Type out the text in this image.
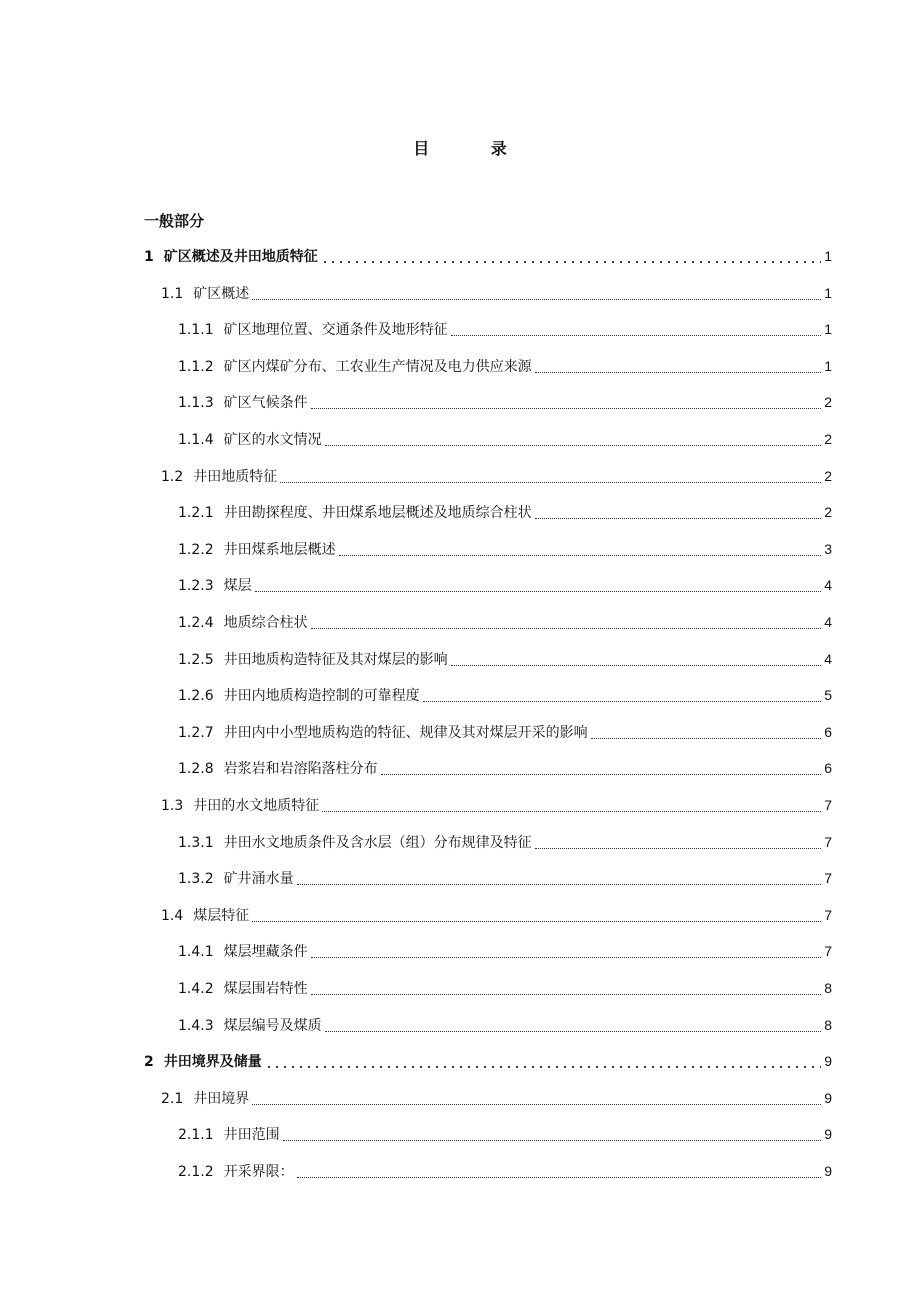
目 录
一般部分
1 矿区概述及井田地质特征	1
1.1 矿区概述	1
1.1.1 矿区地理位置、交通条件及地形特征	1
1.1.2 矿区内煤矿分布、工农业生产情况及电力供应来源	1
1.1.3 矿区气候条件	2
1.1.4 矿区的水文情况	2
1.2 井田地质特征	2
1.2.1 井田勘探程度、井田煤系地层概述及地质综合柱状	2
1.2.2 井田煤系地层概述	3
1.2.3 煤层	4
1.2.4 地质综合柱状	4
1.2.5 井田地质构造特征及其对煤层的影响	4
1.2.6 井田内地质构造控制的可靠程度	5
1.2.7 井田内中小型地质构造的特征、规律及其对煤层开采的影响	6
1.2.8 岩浆岩和岩溶陷落柱分布	6
1.3 井田的水文地质特征	7
1.3.1 井田水文地质条件及含水层（组）分布规律及特征	7
1.3.2 矿井涌水量	7
1.4 煤层特征	7
1.4.1 煤层埋藏条件	7
1.4.2 煤层围岩特性	8
1.4.3 煤层编号及煤质	8
2 井田境界及储量	9
2.1 井田境界	9
2.1.1 井田范围	9
2.1.2 开采界限：	9
